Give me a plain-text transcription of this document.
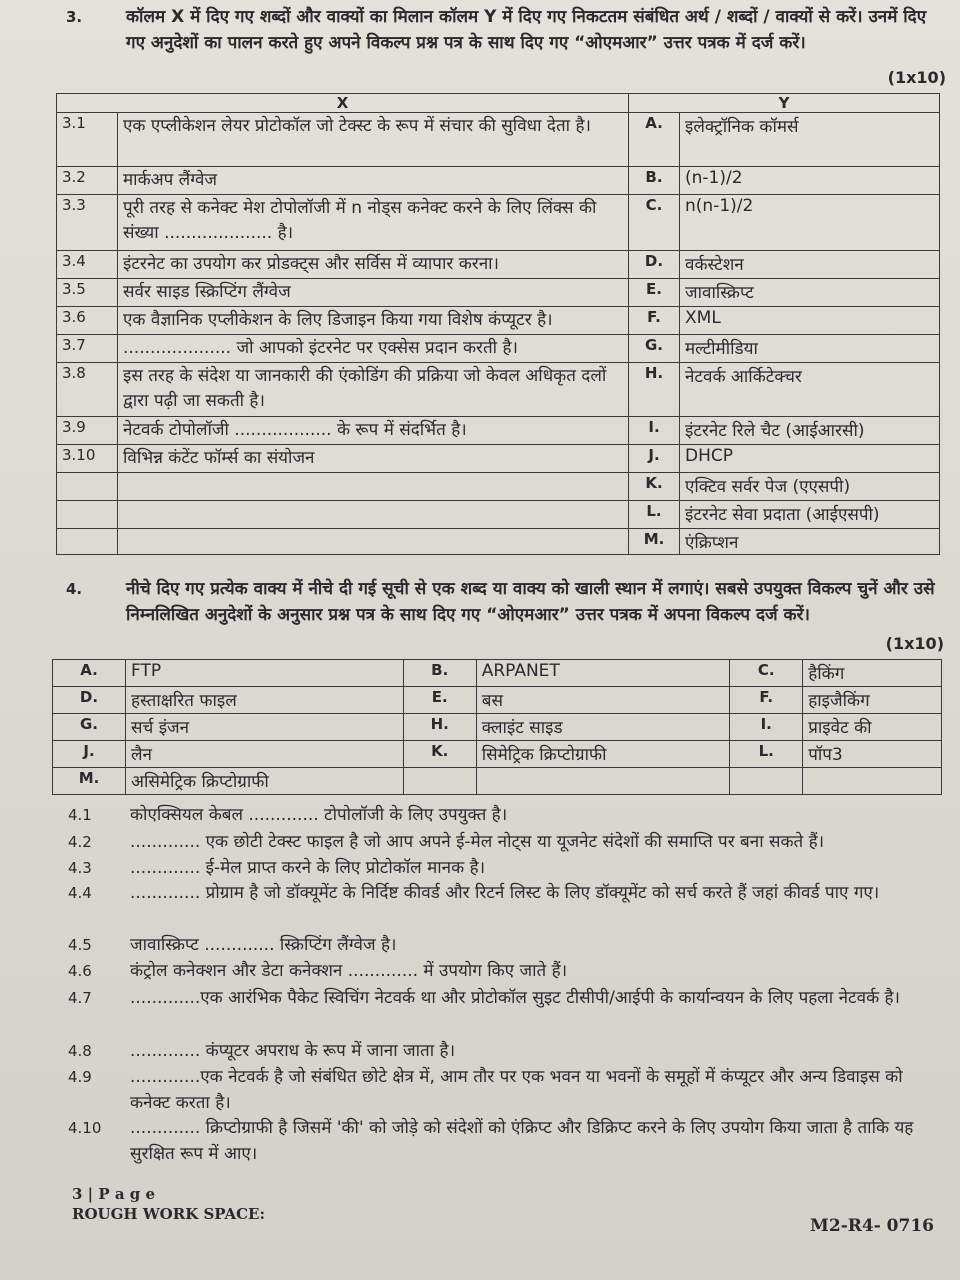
3.	कॉलम X में दिए गए शब्दों और वाक्यों का मिलान कॉलम Y में दिए गए निकटतम संबंधित अर्थ / शब्दों / वाक्यों से करें। उनमें दिए गए अनुदेशों का पालन करते हुए अपने विकल्प प्रश्न पत्र के साथ दिए गए “ओएमआर” उत्तर पत्रक में दर्ज करें।
(1x10)
X		Y	
3.1	एक एप्लीकेशन लेयर प्रोटोकॉल जो टेक्स्ट के रूप में संचार की सुविधा देता है।	A.	इलेक्ट्रॉनिक कॉमर्स
3.2	मार्कअप लैंग्वेज	B.	(n-1)/2
3.3	पूरी तरह से कनेक्ट मेश टोपोलॉजी में n नोड्स कनेक्ट करने के लिए लिंक्स की संख्या .................... है।	C.	n(n-1)/2
3.4	इंटरनेट का उपयोग कर प्रोडक्ट्स और सर्विस में व्यापार करना।	D.	वर्कस्टेशन
3.5	सर्वर साइड स्क्रिप्टिंग लैंग्वेज	E.	जावास्क्रिप्ट
3.6	एक वैज्ञानिक एप्लीकेशन के लिए डिजाइन किया गया विशेष कंप्यूटर है।	F.	XML
3.7	.................... जो आपको इंटरनेट पर एक्सेस प्रदान करती है।	G.	मल्टीमीडिया
3.8	इस तरह के संदेश या जानकारी की एंकोडिंग की प्रक्रिया जो केवल अधिकृत दलों द्वारा पढ़ी जा सकती है।	H.	नेटवर्क आर्किटेक्चर
3.9	नेटवर्क टोपोलॉजी .................. के रूप में संदर्भित है।	I.	इंटरनेट रिले चैट (आईआरसी)
3.10	विभिन्न कंटेंट फॉर्म्स का संयोजन	J.	DHCP
		K.	एक्टिव सर्वर पेज (एएसपी)
		L.	इंटरनेट सेवा प्रदाता (आईएसपी)
		M.	एंक्रिप्शन
4.	नीचे दिए गए प्रत्येक वाक्य में नीचे दी गई सूची से एक शब्द या वाक्य को खाली स्थान में लगाएं। सबसे उपयुक्त विकल्प चुनें और उसे निम्नलिखित अनुदेशों के अनुसार प्रश्न पत्र के साथ दिए गए “ओएमआर” उत्तर पत्रक में अपना विकल्प दर्ज करें।
(1x10)
A.	FTP	B.	ARPANET	C.	हैकिंग
D.	हस्ताक्षरित फाइल	E.	बस	F.	हाइजैकिंग
G.	सर्च इंजन	H.	क्लाइंट साइड	I.	प्राइवेट की
J.	लैन	K.	सिमेट्रिक क्रिप्टोग्राफी	L.	पॉप3
M.	असिमेट्रिक क्रिप्टोग्राफी				
4.1 कोएक्सियल केबल ............. टोपोलॉजी के लिए उपयुक्त है।
4.2 ............. एक छोटी टेक्स्ट फाइल है जो आप अपने ई-मेल नोट्स या यूजनेट संदेशों की समाप्ति पर बना सकते हैं।
4.3 ............. ई-मेल प्राप्त करने के लिए प्रोटोकॉल मानक है।
4.4 ............. प्रोग्राम है जो डॉक्यूमेंट के निर्दिष्ट कीवर्ड और रिटर्न लिस्ट के लिए डॉक्यूमेंट को सर्च करते हैं जहां कीवर्ड पाए गए।
4.5 जावास्क्रिप्ट ............. स्क्रिप्टिंग लैंग्वेज है।
4.6 कंट्रोल कनेक्शन और डेटा कनेक्शन ............. में उपयोग किए जाते हैं।
4.7 .............एक आरंभिक पैकेट स्विचिंग नेटवर्क था और प्रोटोकॉल सुइट टीसीपी/आईपी के कार्यान्वयन के लिए पहला नेटवर्क है।
4.8 ............. कंप्यूटर अपराध के रूप में जाना जाता है।
4.9 .............एक नेटवर्क है जो संबंधित छोटे क्षेत्र में, आम तौर पर एक भवन या भवनों के समूहों में कंप्यूटर और अन्य डिवाइस को कनेक्ट करता है।
4.10 ............. क्रिप्टोग्राफी है जिसमें 'की' को जोड़े को संदेशों को एंक्रिप्ट और डिक्रिप्ट करने के लिए उपयोग किया जाता है ताकि यह सुरक्षित रूप में आए।
3 | P a g e
ROUGH WORK SPACE:
M2-R4- 0716
